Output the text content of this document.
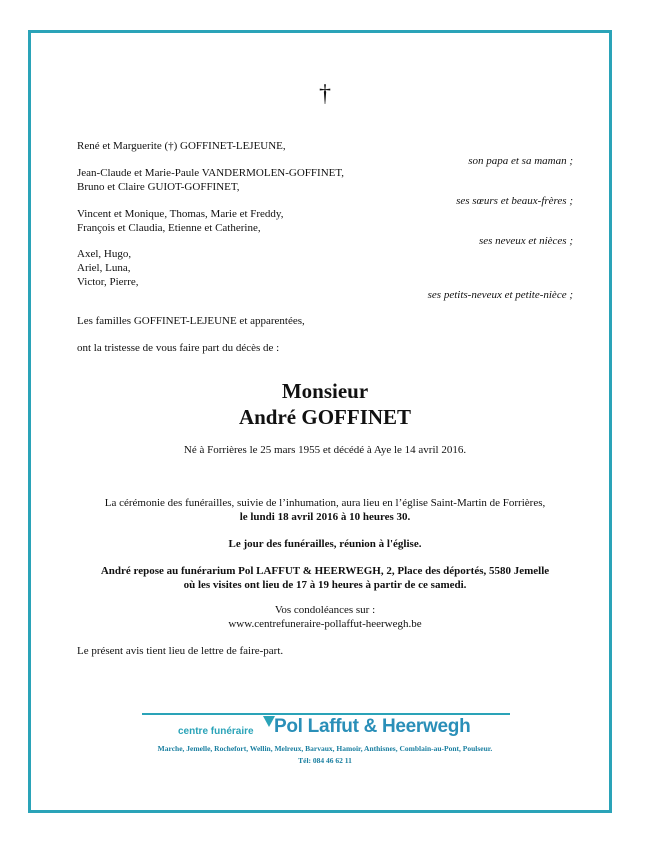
†
René et Marguerite (†) GOFFINET-LEJEUNE,
son papa et sa maman ;
Jean-Claude et Marie-Paule VANDERMOLEN-GOFFINET,
Bruno et Claire GUIOT-GOFFINET,
ses sœurs et beaux-frères ;
Vincent et Monique, Thomas, Marie et Freddy,
François et Claudia, Etienne et Catherine,
ses neveux et nièces ;
Axel, Hugo,
Ariel, Luna,
Victor, Pierre,
ses petits-neveux et petite-nièce ;
Les familles GOFFINET-LEJEUNE et apparentées,
ont la tristesse de vous faire part du décès de :
Monsieur
André GOFFINET
Né à Forrières le 25 mars 1955 et décédé à Aye le 14 avril 2016.
La cérémonie des funérailles, suivie de l’inhumation, aura lieu en l’église Saint-Martin de Forrières,
le lundi 18 avril 2016 à 10 heures 30.
Le jour des funérailles, réunion à l'église.
André repose au funérarium Pol LAFFUT & HEERWEGH, 2, Place des déportés, 5580 Jemelle
où les visites ont lieu de 17 à 19 heures à partir de ce samedi.
Vos condoléances sur :
www.centrefuneraire-pollaffut-heerwegh.be
Le présent avis tient lieu de lettre de faire-part.
centre funéraire Pol Laffut & Heerwegh
Marche, Jemelle, Rochefort, Wellin, Melreux, Barvaux, Hamoir, Anthisnes, Comblain-au-Pont, Poulseur.
Tél: 084 46 62 11
